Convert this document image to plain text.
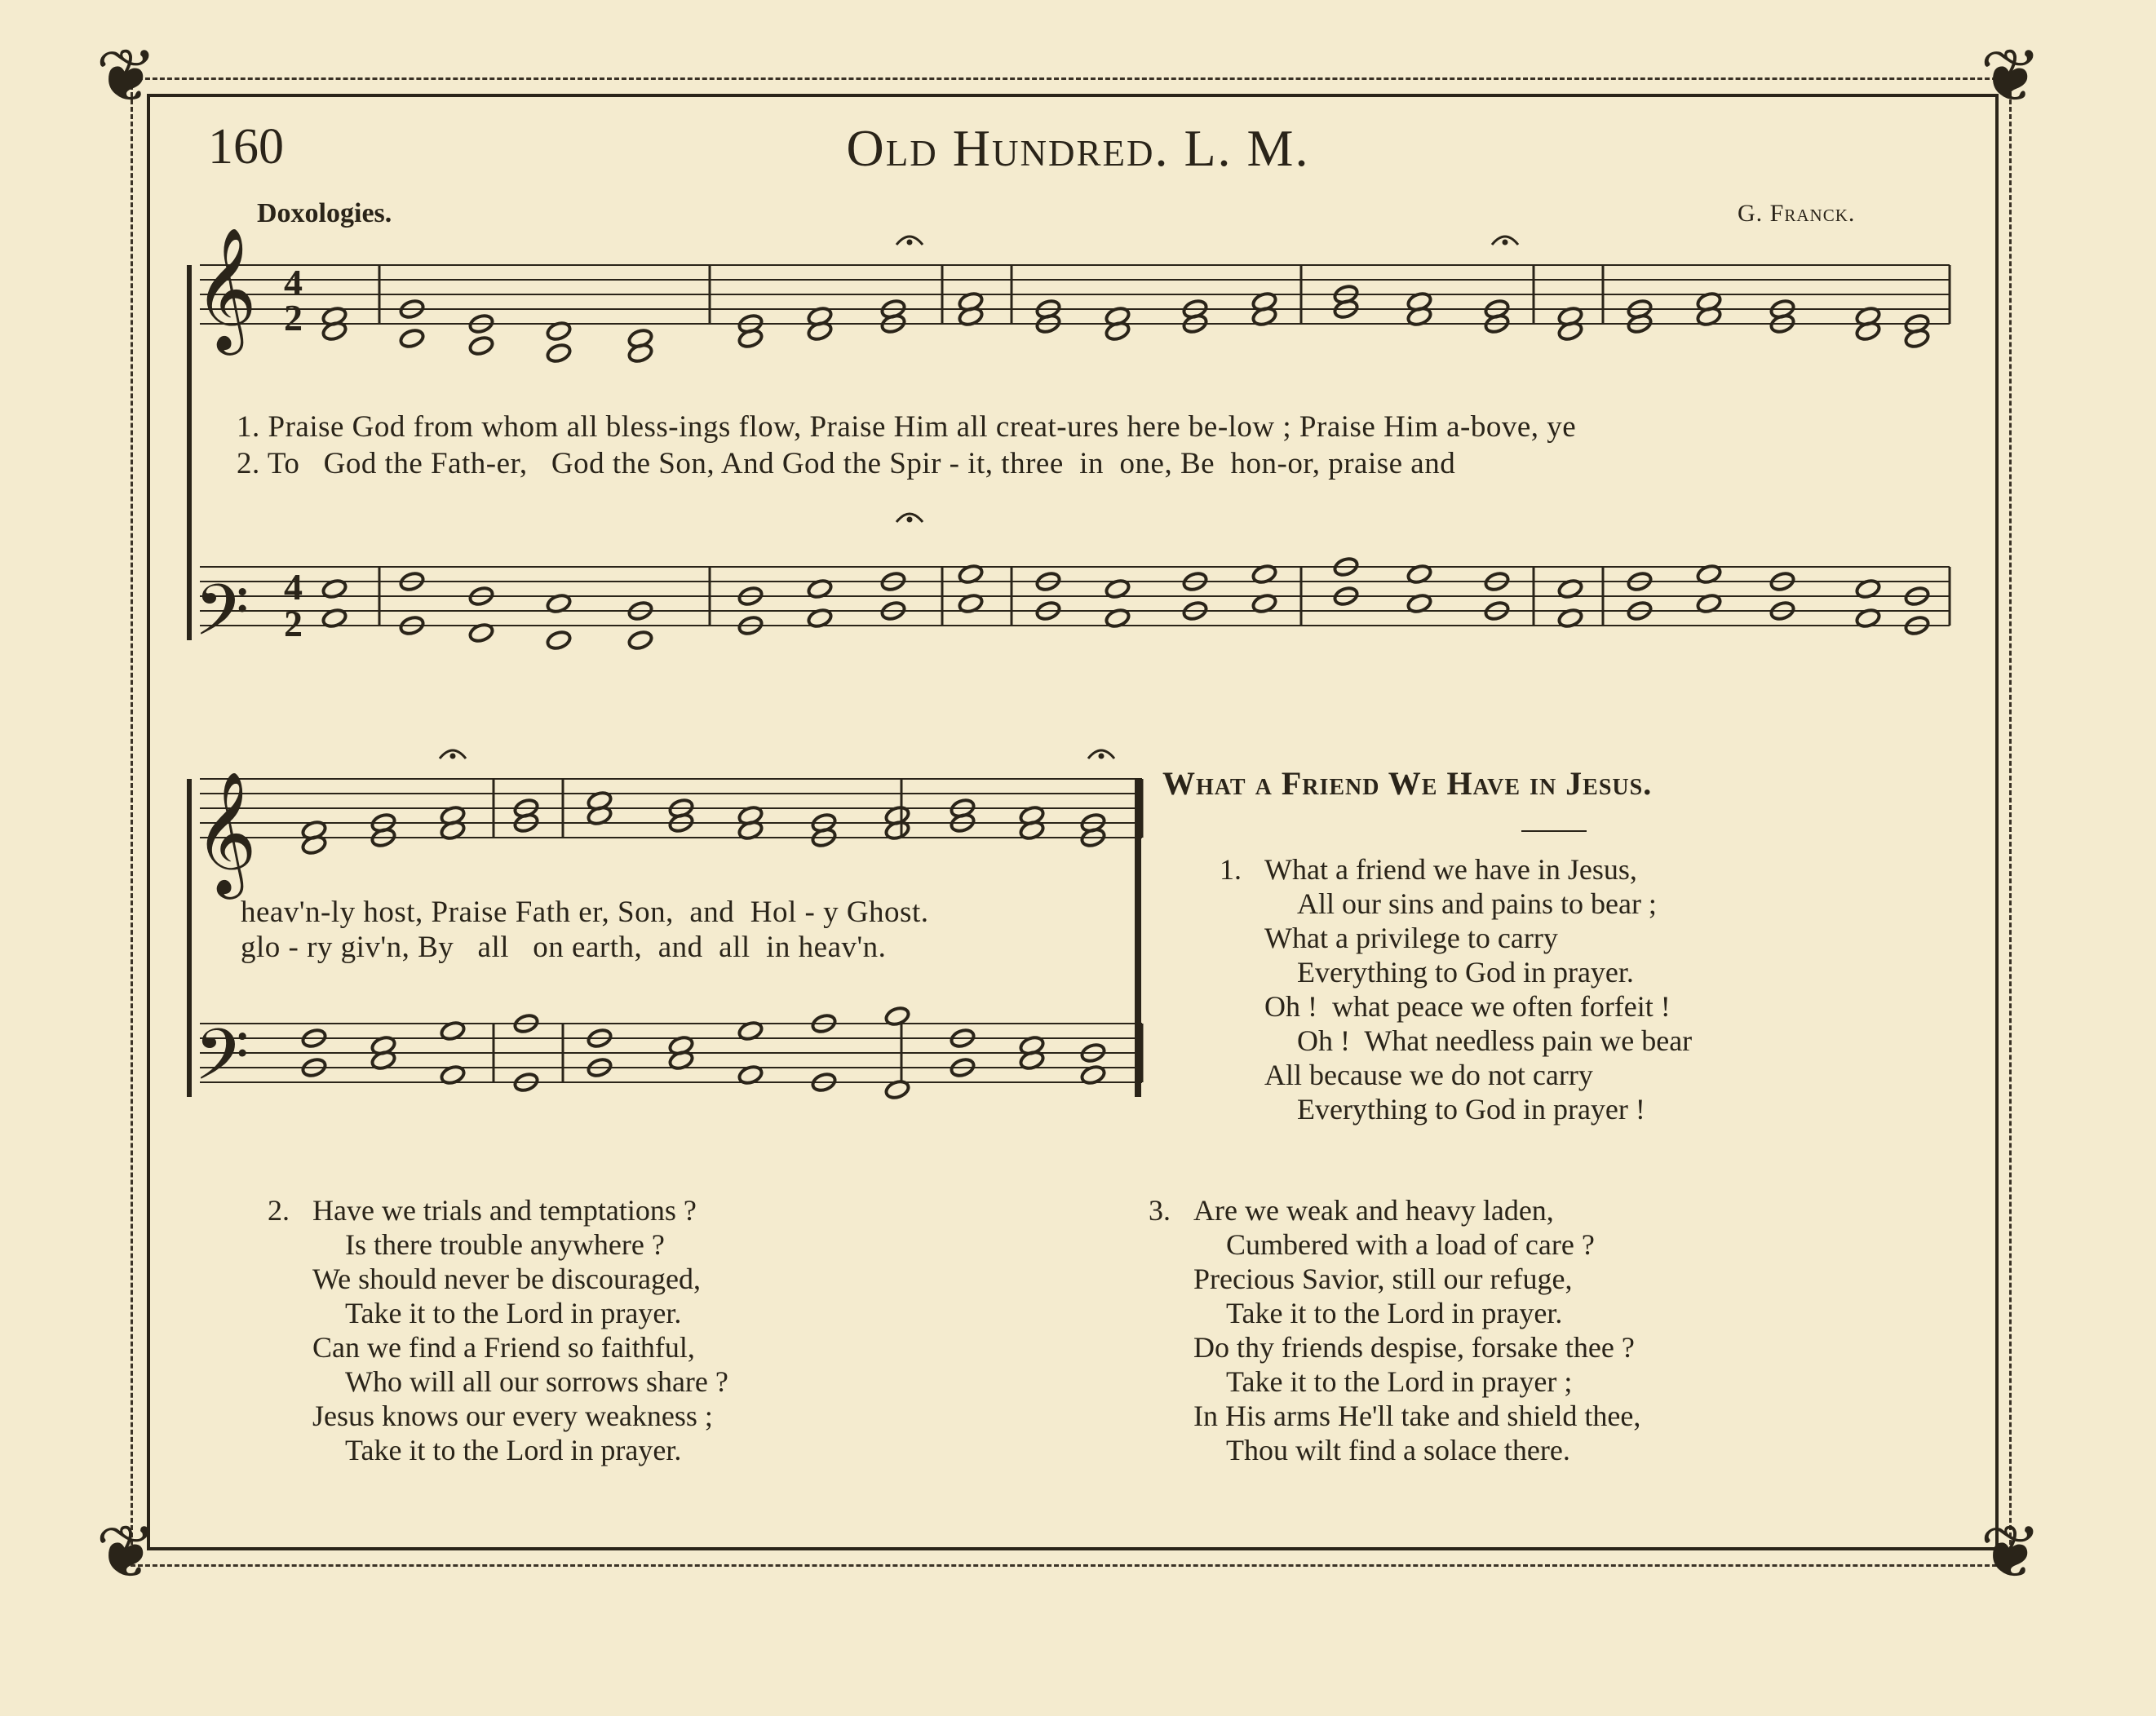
❦	❦
❦	❦
160	Old Hundred. L. M.
Doxologies.	G. Franck.
𝄞
𝄢
𝄞
𝄢
4
2
4
2
1. Praise God from whom all bless-ings flow, Praise Him all creat-ures here be-low ; Praise Him a-bove, ye
2. To   God the Fath-er,   God the Son, And God the Spir - it, three  in  one, Be  hon-or, praise and
heav'n-ly host, Praise Fath er, Son,  and  Hol - y Ghost.
glo - ry giv'n, By   all   on earth,  and  all  in heav'n.
What a Friend We Have in Jesus.
1. What a friend we have in Jesus,
All our sins and pains to bear ;
What a privilege to carry
Everything to God in prayer.
Oh !  what peace we often forfeit !
Oh !  What needless pain we bear
All because we do not carry
Everything to God in prayer !
2. Have we trials and temptations ?
Is there trouble anywhere ?
We should never be discouraged,
Take it to the Lord in prayer.
Can we find a Friend so faithful,
Who will all our sorrows share ?
Jesus knows our every weakness ;
Take it to the Lord in prayer.
3. Are we weak and heavy laden,
Cumbered with a load of care ?
Precious Savior, still our refuge,
Take it to the Lord in prayer.
Do thy friends despise, forsake thee ?
Take it to the Lord in prayer ;
In His arms He'll take and shield thee,
Thou wilt find a solace there.
